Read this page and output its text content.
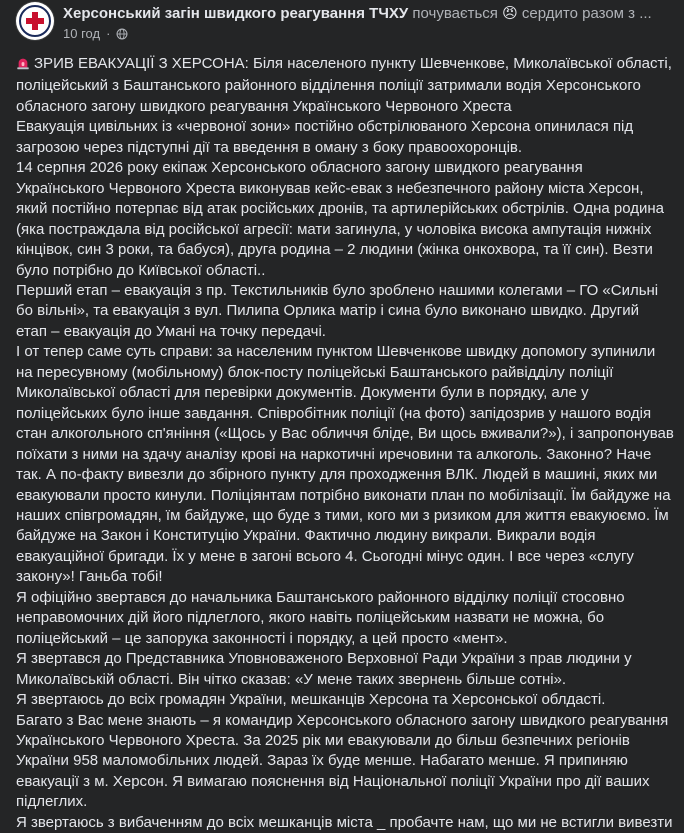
Херсонський загін швидкого реагування ТЧХУ почувається 😠 сердито разом з ...
10 год ·

ЗРИВ ЕВАКУАЦІЇ З ХЕРСОНА: Біля населеного пункту Шевченкове, Миколаївської області, поліцейський з Баштанського районного відділення поліції затримали водія Херсонського обласного загону швидкого реагування Українського Червоного Хреста

Евакуація цивільних із «червоної зони» постійно обстрілюваного Херсона опинилася під загрозою через підступні дії та введення в оману з боку правоохоронців.

14 серпня 2026 року екіпаж Херсонського обласного загону швидкого реагування Українського Червоного Хреста виконував кейс-евак з небезпечного району міста Херсон, який постійно потерпає від атак російських дронів, та артилерійських обстрілів. Одна родина (яка постраждала від російської агресії: мати загинула, у чоловіка висока ампутація нижніх кінцівок, син 3 роки, та бабуся), друга родина – 2 людини (жінка онкохвора, та її син). Везти було потрібно до Київської області..

Перший етап – евакуація з пр. Текстильників було зроблено нашими колегами – ГО «Сильні бо вільні», та евакуація з вул. Пилипа Орлика матір і сина було виконано швидко. Другий етап – евакуація до Умані на точку передачі.

І от тепер саме суть справи: за населеним пунктом Шевченкове швидку допомогу зупинили на пересувному (мобільному) блок-посту поліцейські Баштанського райвідділу поліції Миколаївської області для перевірки документів. Документи були в порядку, але у поліцейських було інше завдання. Співробітник поліції (на фото) запідозрив у нашого водія стан алкогольного сп'яніння («Щось у Вас обличчя бліде, Ви щось вживали?»), і запропонував поїхати з ними на здачу аналізу крові на наркотичні иречовини та алкоголь. Законно? Наче так. А по-факту вивезли до збірного пункту для проходження ВЛК. Людей в машині, яких ми евакуювали просто кинули. Поліціянтам потрібно виконати план по мобілізації. Їм байдуже на наших співгромадян, їм байдуже, що буде з тими, кого ми з ризиком для життя евакуюємо. Їм байдуже на Закон і Конституцію України. Фактично людину викрали. Викрали водія евакуаційної бригади. Їх у мене в загоні всього 4. Сьогодні мінус один. І все через «слугу закону»! Ганьба тобі!

Я офіційно звертався до начальника Баштанського районного відділку поліції стосовно неправомочних дій його підлеглого, якого навіть поліцейським назвати не можна, бо поліцейський – це запорука законності і порядку, а цей просто «мент».

Я звертався до Представника Уповноваженого Верховної Ради України з прав людини у Миколаївській області. Він чітко сказав: «У мене таких звернень більше сотні».

Я звертаюсь до всіх громадян України, мешканців Херсона та Херсонської облдасті.

Багато з Вас мене знають – я командир Херсонського обласного загону швидкого реагування Українського Червоного Хреста. За 2025 рік ми евакуювали до більш безпечних регіонів України 958 маломобільних людей. Зараз їх буде менше. Набагато менше. Я припиняю евакуації з м. Херсон. Я вимагаю пояснення від Національної поліції України про дії ваших підлеглих.

Я звертаюсь з вибаченням до всіх мешканців міста _ пробачте нам, що ми не встигли вивезти
